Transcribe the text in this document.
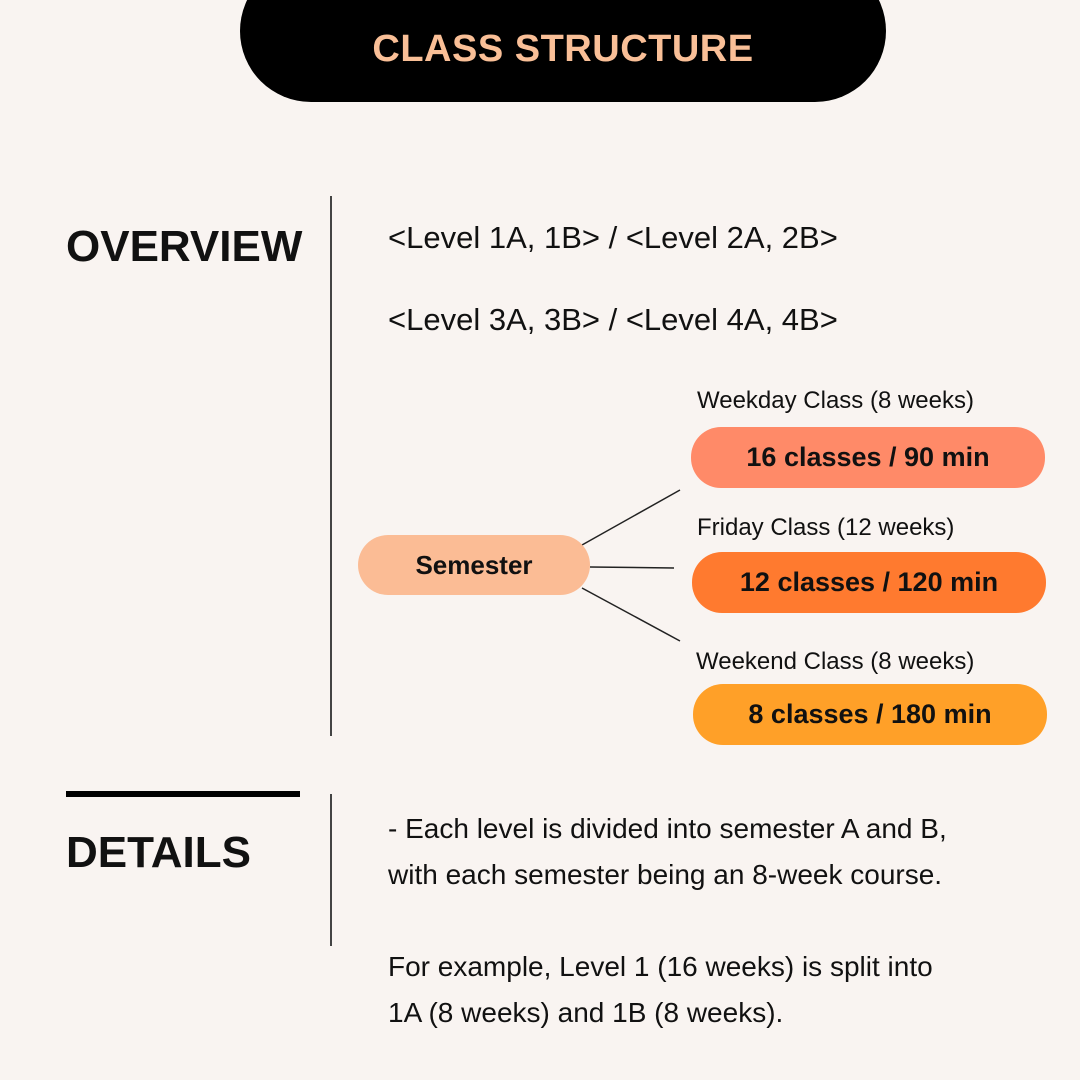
CLASS STRUCTURE
OVERVIEW	<Level 1A, 1B> / <Level 2A, 2B>
<Level 3A, 3B> / <Level 4A, 4B>
Semester
Weekday Class (8 weeks)
16 classes / 90 min
Friday Class (12 weeks)
12 classes / 120 min
Weekend Class (8 weeks)
8 classes / 180 min
DETAILS	- Each level is divided into semester A and B,
with each semester being an 8-week course.
For example, Level 1 (16 weeks) is split into
1A (8 weeks) and 1B (8 weeks).
